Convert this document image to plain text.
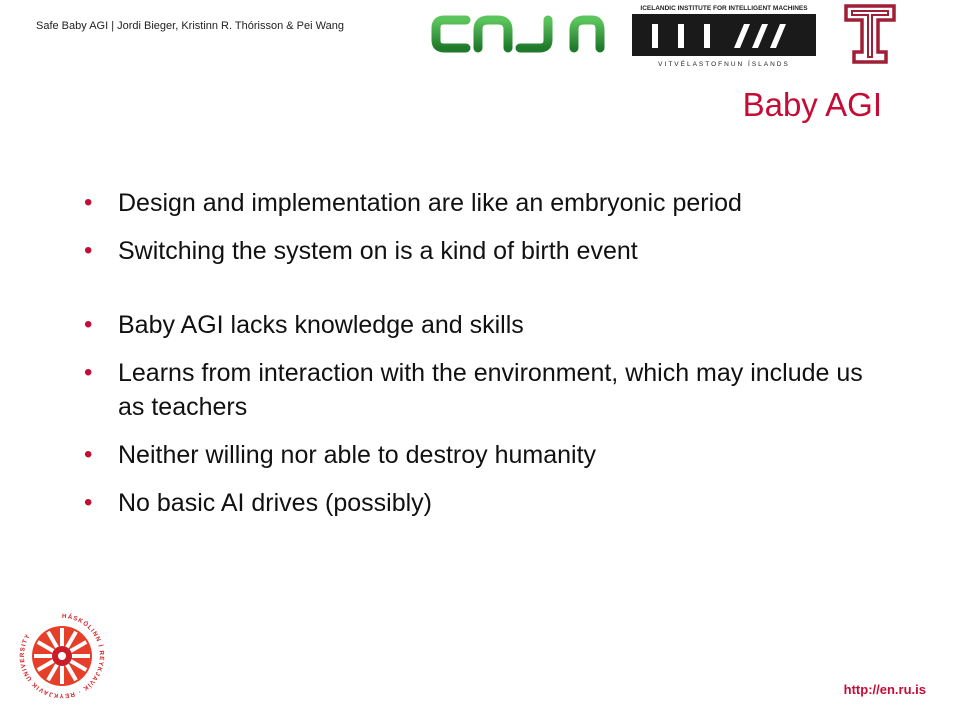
Safe Baby AGI | Jordi Bieger, Kristinn R. Thórisson & Pei Wang
ICELANDIC INSTITUTE FOR INTELLIGENT MACHINES
VITVÉLASTOFNUN ÍSLANDS
Baby AGI
• Design and implementation are like an embryonic period
• Switching the system on is a kind of birth event
• Baby AGI lacks knowledge and skills
• Learns from interaction with the environment, which may include us as teachers
• Neither willing nor able to destroy humanity
• No basic AI drives (possibly)
HÁSKÓLINN Í REYKJAVÍK · REYKJAVIK UNIVERSITY
http://en.ru.is
